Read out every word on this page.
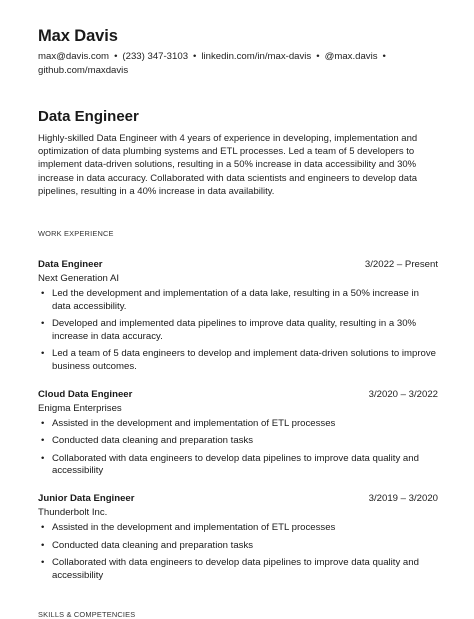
Max Davis
max@davis.com • (233) 347-3103 • linkedin.com/in/max-davis • @max.davis •
github.com/maxdavis
Data Engineer
Highly-skilled Data Engineer with 4 years of experience in developing, implementation and optimization of data plumbing systems and ETL processes. Led a team of 5 developers to implement data-driven solutions, resulting in a 50% increase in data accessibility and 30% increase in data accuracy. Collaborated with data scientists and engineers to develop data pipelines, resulting in a 40% increase in data availability.
WORK EXPERIENCE
Data Engineer	3/2022 – Present
Next Generation AI
• Led the development and implementation of a data lake, resulting in a 50% increase in data accessibility.
• Developed and implemented data pipelines to improve data quality, resulting in a 30% increase in data accuracy.
• Led a team of 5 data engineers to develop and implement data-driven solutions to improve business outcomes.
Cloud Data Engineer	3/2020 – 3/2022
Enigma Enterprises
• Assisted in the development and implementation of ETL processes
• Conducted data cleaning and preparation tasks
• Collaborated with data engineers to develop data pipelines to improve data quality and accessibility
Junior Data Engineer	3/2019 – 3/2020
Thunderbolt Inc.
• Assisted in the development and implementation of ETL processes
• Conducted data cleaning and preparation tasks
• Collaborated with data engineers to develop data pipelines to improve data quality and accessibility
SKILLS & COMPETENCIES
